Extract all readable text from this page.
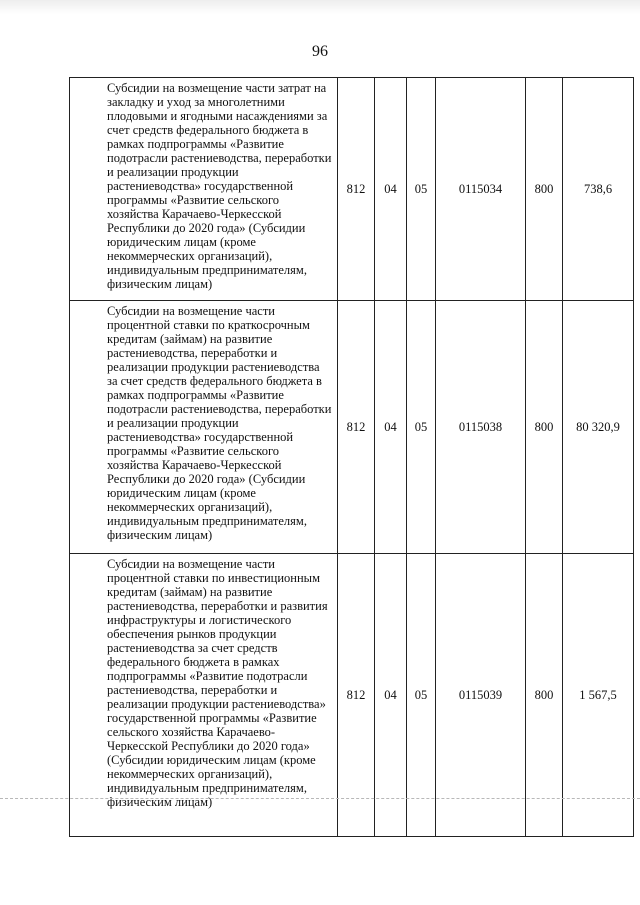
96
Субсидии на возмещение части затрат на закладку и уход за многолетними плодовыми и ягодными насаждениями за счет средств федерального бюджета в рамках подпрограммы «Развитие подотрасли растениеводства, переработки и реализации продукции растениеводства» государственной программы «Развитие сельского хозяйства Карачаево-Черкесской Республики до 2020 года» (Субсидии юридическим лицам (кроме некоммерческих организаций), индивидуальным предпринимателям, физическим лицам)	812	04	05	0115034	800	738,6
Субсидии на возмещение части процентной ставки по краткосрочным кредитам (займам) на развитие растениеводства, переработки и реализации продукции растениеводства за счет средств федерального бюджета в рамках подпрограммы «Развитие подотрасли растениеводства, переработки и реализации продукции растениеводства» государственной программы «Развитие сельского хозяйства Карачаево-Черкесской Республики до 2020 года» (Субсидии юридическим лицам (кроме некоммерческих организаций), индивидуальным предпринимателям, физическим лицам)	812	04	05	0115038	800	80 320,9
Субсидии на возмещение части процентной ставки по инвестиционным кредитам (займам) на развитие растениеводства, переработки и развития инфраструктуры и логистического обеспечения рынков продукции растениеводства за счет средств федерального бюджета в рамках подпрограммы «Развитие подотрасли растениеводства, переработки и реализации продукции растениеводства» государственной программы «Развитие сельского хозяйства Карачаево-Черкесской Республики до 2020 года» (Субсидии юридическим лицам (кроме некоммерческих организаций), индивидуальным предпринимателям, физическим лицам)	812	04	05	0115039	800	1 567,5
